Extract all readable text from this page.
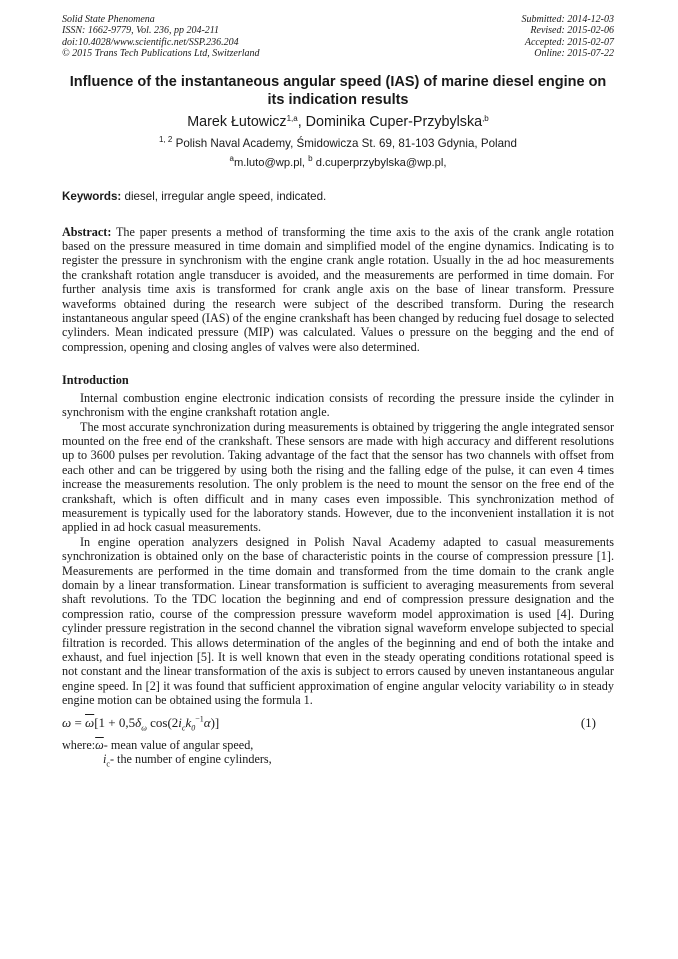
Solid State Phenomena
ISSN: 1662-9779, Vol. 236, pp 204-211
doi:10.4028/www.scientific.net/SSP.236.204
© 2015 Trans Tech Publications Ltd, Switzerland
Submitted: 2014-12-03
Revised: 2015-02-06
Accepted: 2015-02-07
Online: 2015-07-22
Influence of the instantaneous angular speed (IAS) of marine diesel engine on its indication results
Marek Łutowicz$^{1,a}$, Dominika Cuper-Przybylska$^{,b}$
$^{1, 2}$ Polish Naval Academy, Śmidowicza St. 69, 81-103 Gdynia, Poland
$^a$m.luto@wp.pl, $^b$ d.cuperprzybylska@wp.pl,
Keywords: diesel, irregular angle speed, indicated.
Abstract: The paper presents a method of transforming the time axis to the axis of the crank angle rotation based on the pressure measured in time domain and simplified model of the engine dynamics. Indicating is to register the pressure in synchronism with the engine crank angle rotation. Usually in the ad hoc measurements the crankshaft rotation angle transducer is avoided, and the measurements are performed in time domain. For further analysis time axis is transformed for crank angle axis on the base of linear transform. Pressure waveforms obtained during the research were subject of the described transform. During the research instantaneous angular speed (IAS) of the engine crankshaft has been changed by reducing fuel dosage to selected cylinders. Mean indicated pressure (MIP) was calculated. Values o pressure on the begging and the end of compression, opening and closing angles of valves were also determined.
Introduction
Internal combustion engine electronic indication consists of recording the pressure inside the cylinder in synchronism with the engine crankshaft rotation angle.
The most accurate synchronization during measurements is obtained by triggering the angle integrated sensor mounted on the free end of the crankshaft. These sensors are made with high accuracy and different resolutions up to 3600 pulses per revolution. Taking advantage of the fact that the sensor has two channels with offset from each other and can be triggered by using both the rising and the falling edge of the pulse, it can even 4 times increase the measurements resolution. The only problem is the need to mount the sensor on the free end of the crankshaft, which is often difficult and in many cases even impossible. This synchronization method of measurement is typically used for the laboratory stands. However, due to the inconvenient installation it is not applied in ad hock casual measurements.
In engine operation analyzers designed in Polish Naval Academy adapted to casual measurements synchronization is obtained only on the base of characteristic points in the course of compression pressure [1]. Measurements are performed in the time domain and transformed from the time domain to the crank angle domain by a linear transformation. Linear transformation is sufficient to averaging measurements from several shaft revolutions. To the TDC location the beginning and end of compression pressure designation and the compression ratio, course of the compression pressure waveform model approximation is used [4]. During cylinder pressure registration in the second channel the vibration signal waveform envelope subjected to special filtration is recorded. This allows determination of the angles of the beginning and end of both the intake and exhaust, and fuel injection [5]. It is well known that even in the steady operating conditions rotational speed is not constant and the linear transformation of the axis is subject to errors caused by uneven instantaneous angular engine speed. In [2] it was found that sufficient approximation of engine angular velocity variability ω in steady engine motion can be obtained using the formula 1.
$\omega = \overline{\omega}[1 + 0,5\delta_\omega$ $\cos(2i_ck_0^{-1}\alpha)$]	(1)
$where:\overline{\omega}-$ mean value of angular speed,
$i_c-$ the number of engine cylinders,
